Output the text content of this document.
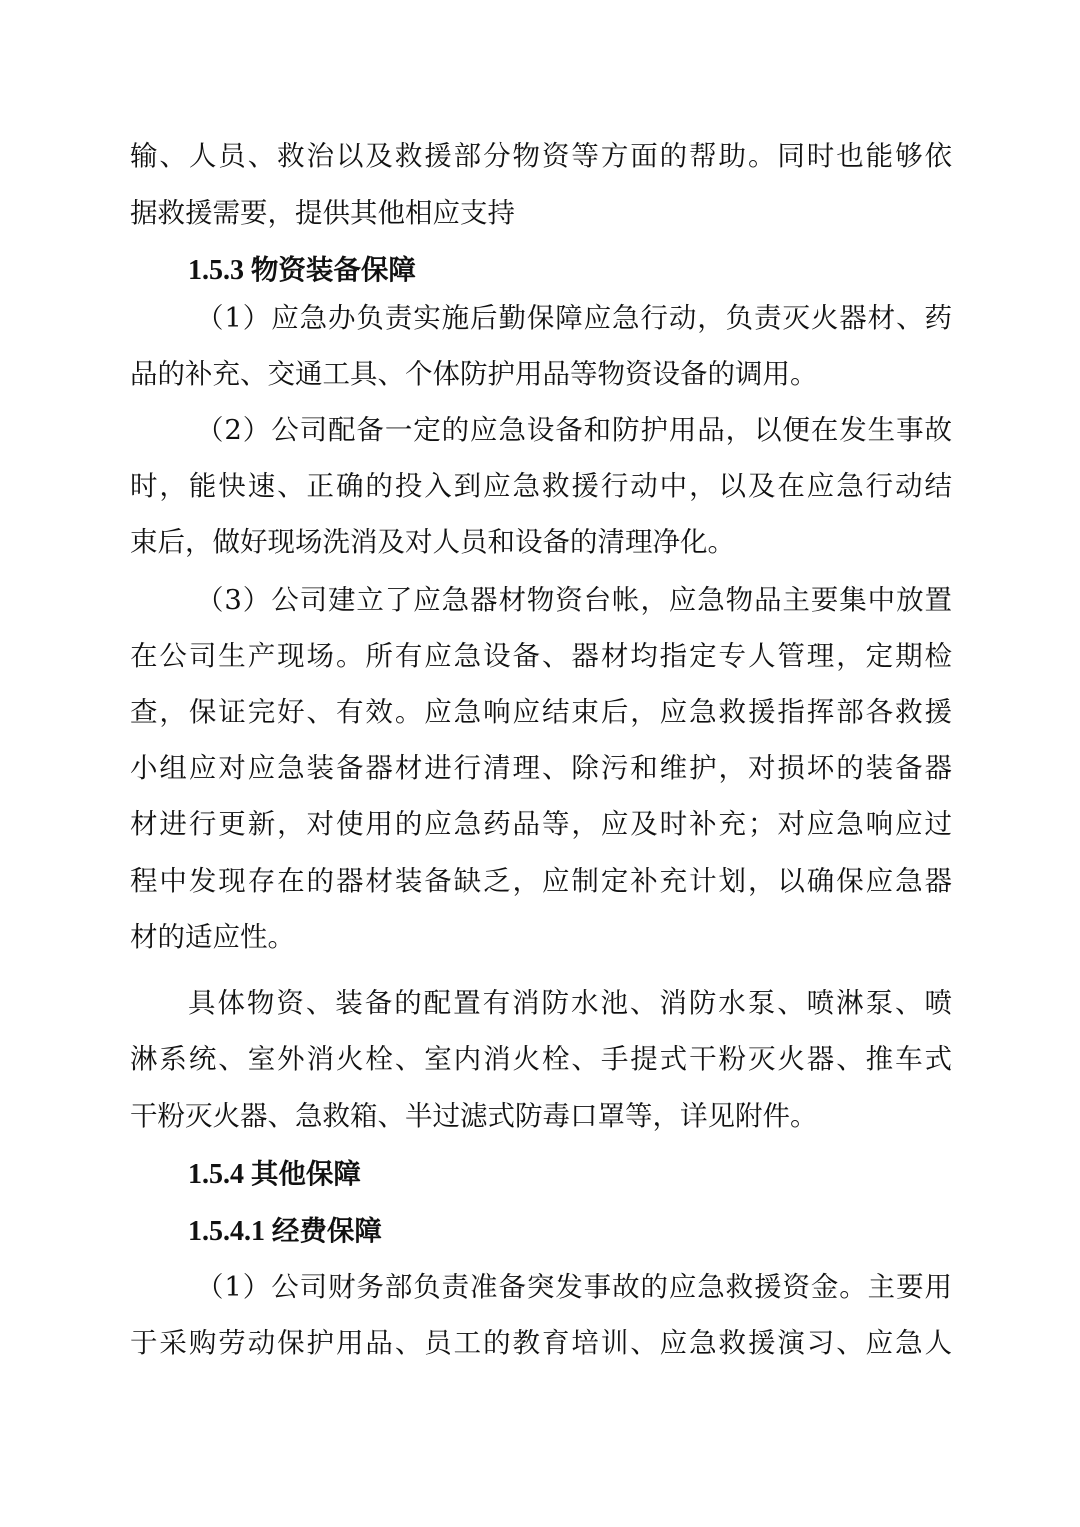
输、人员、救治以及救援部分物资等方面的帮助。同时也能够依
据救援需要，提供其他相应支持
1.5.3 物资装备保障
（1）应急办负责实施后勤保障应急行动，负责灭火器材、药
品的补充、交通工具、个体防护用品等物资设备的调用。
（2）公司配备一定的应急设备和防护用品，以便在发生事故
时，能快速、正确的投入到应急救援行动中，以及在应急行动结
束后，做好现场洗消及对人员和设备的清理净化。
（3）公司建立了应急器材物资台帐，应急物品主要集中放置
在公司生产现场。所有应急设备、器材均指定专人管理，定期检
查，保证完好、有效。应急响应结束后，应急救援指挥部各救援
小组应对应急装备器材进行清理、除污和维护，对损坏的装备器
材进行更新，对使用的应急药品等，应及时补充；对应急响应过
程中发现存在的器材装备缺乏，应制定补充计划，以确保应急器
材的适应性。
具体物资、装备的配置有消防水池、消防水泵、喷淋泵、喷
淋系统、室外消火栓、室内消火栓、手提式干粉灭火器、推车式
干粉灭火器、急救箱、半过滤式防毒口罩等，详见附件。
1.5.4 其他保障
1.5.4.1 经费保障
（1）公司财务部负责准备突发事故的应急救援资金。主要用
于采购劳动保护用品、员工的教育培训、应急救援演习、应急人
